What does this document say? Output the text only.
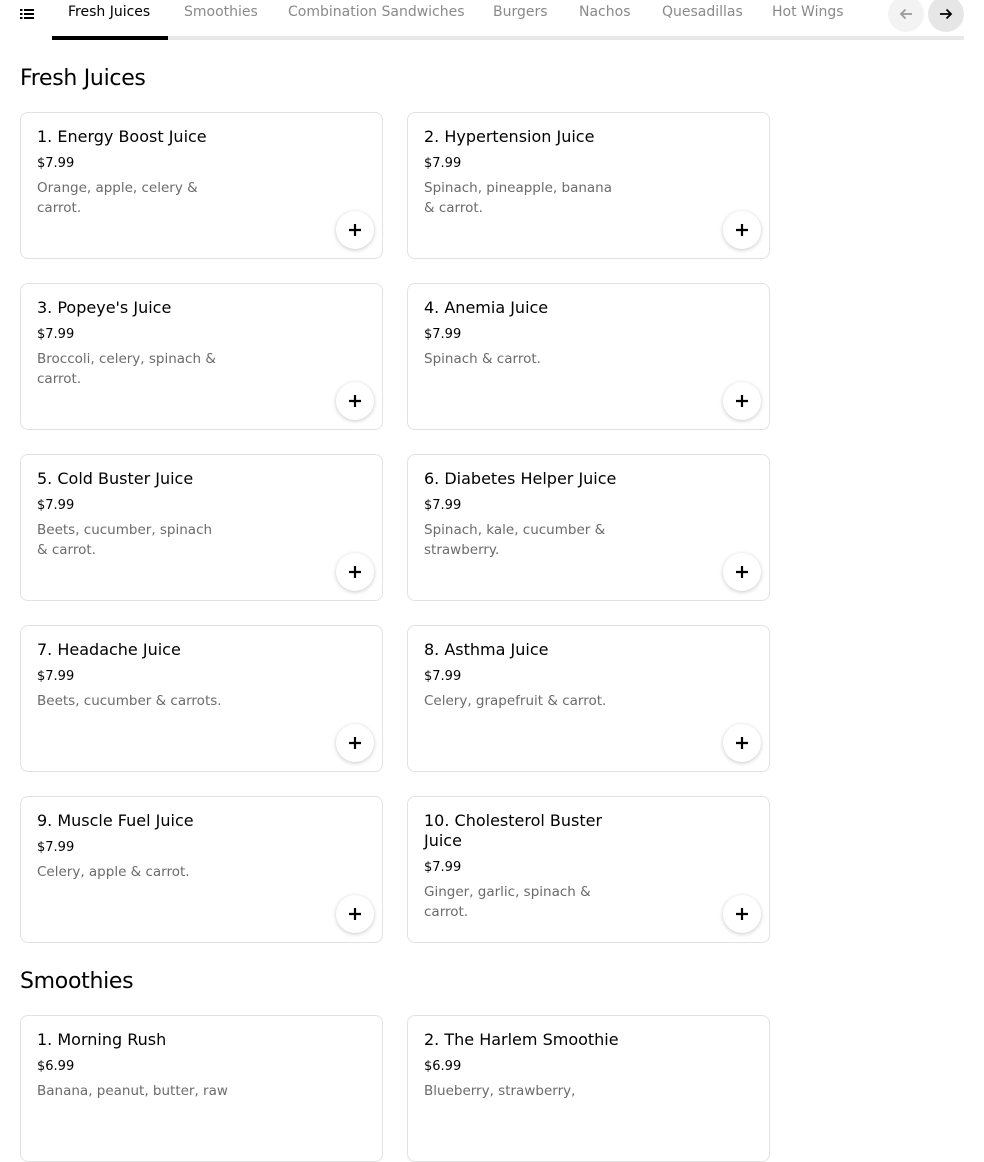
Fresh Juices Smoothies Combination Sandwiches Burgers Nachos Quesadillas Hot Wings
Fresh Juices
1. Energy Boost Juice
$7.99
Orange, apple, celery & carrot.
2. Hypertension Juice
$7.99
Spinach, pineapple, banana & carrot.
3. Popeye's Juice
$7.99
Broccoli, celery, spinach & carrot.
4. Anemia Juice
$7.99
Spinach & carrot.
5. Cold Buster Juice
$7.99
Beets, cucumber, spinach & carrot.
6. Diabetes Helper Juice
$7.99
Spinach, kale, cucumber & strawberry.
7. Headache Juice
$7.99
Beets, cucumber & carrots.
8. Asthma Juice
$7.99
Celery, grapefruit & carrot.
9. Muscle Fuel Juice
$7.99
Celery, apple & carrot.
10. Cholesterol Buster Juice
$7.99
Ginger, garlic, spinach & carrot.
Smoothies
1. Morning Rush
$6.99
Banana, peanut, butter, raw
2. The Harlem Smoothie
$6.99
Blueberry, strawberry,
